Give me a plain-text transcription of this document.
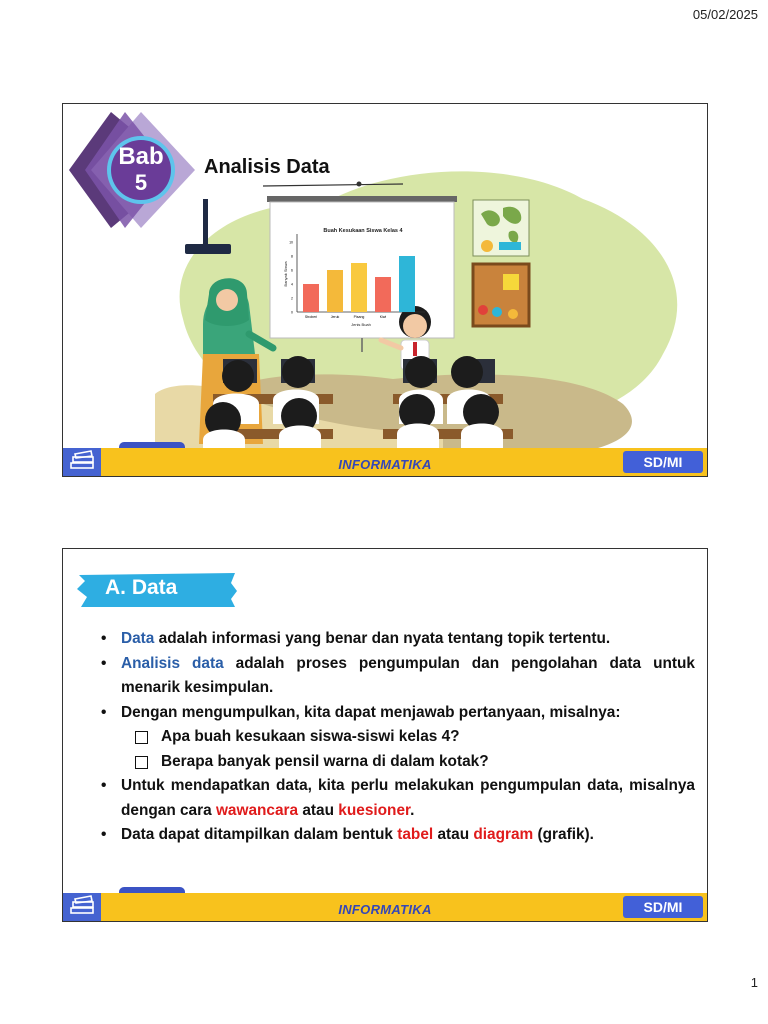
05/02/2025
Buah Kesukaan Siswa Kelas 4
Banyak Siswa
Jenis Buah
0
2
4
6
8
10
Stroberi	Jeruk	Pisang	Kiwi
Bab
5
Analisis Data
INFORMATIKA	SD/MI
A. Data
• Data adalah informasi yang benar dan nyata tentang topik tertentu.
• Analisis data adalah proses pengumpulan dan pengolahan data untuk menarik kesimpulan.
• Dengan mengumpulkan, kita dapat menjawab pertanyaan, misalnya:
Apa buah kesukaan siswa-siswi kelas 4?
Berapa banyak pensil warna di dalam kotak?
• Untuk mendapatkan data, kita perlu melakukan pengumpulan data, misalnya dengan cara wawancara atau kuesioner.
• Data dapat ditampilkan dalam bentuk tabel atau diagram (grafik).
INFORMATIKA	SD/MI
1
